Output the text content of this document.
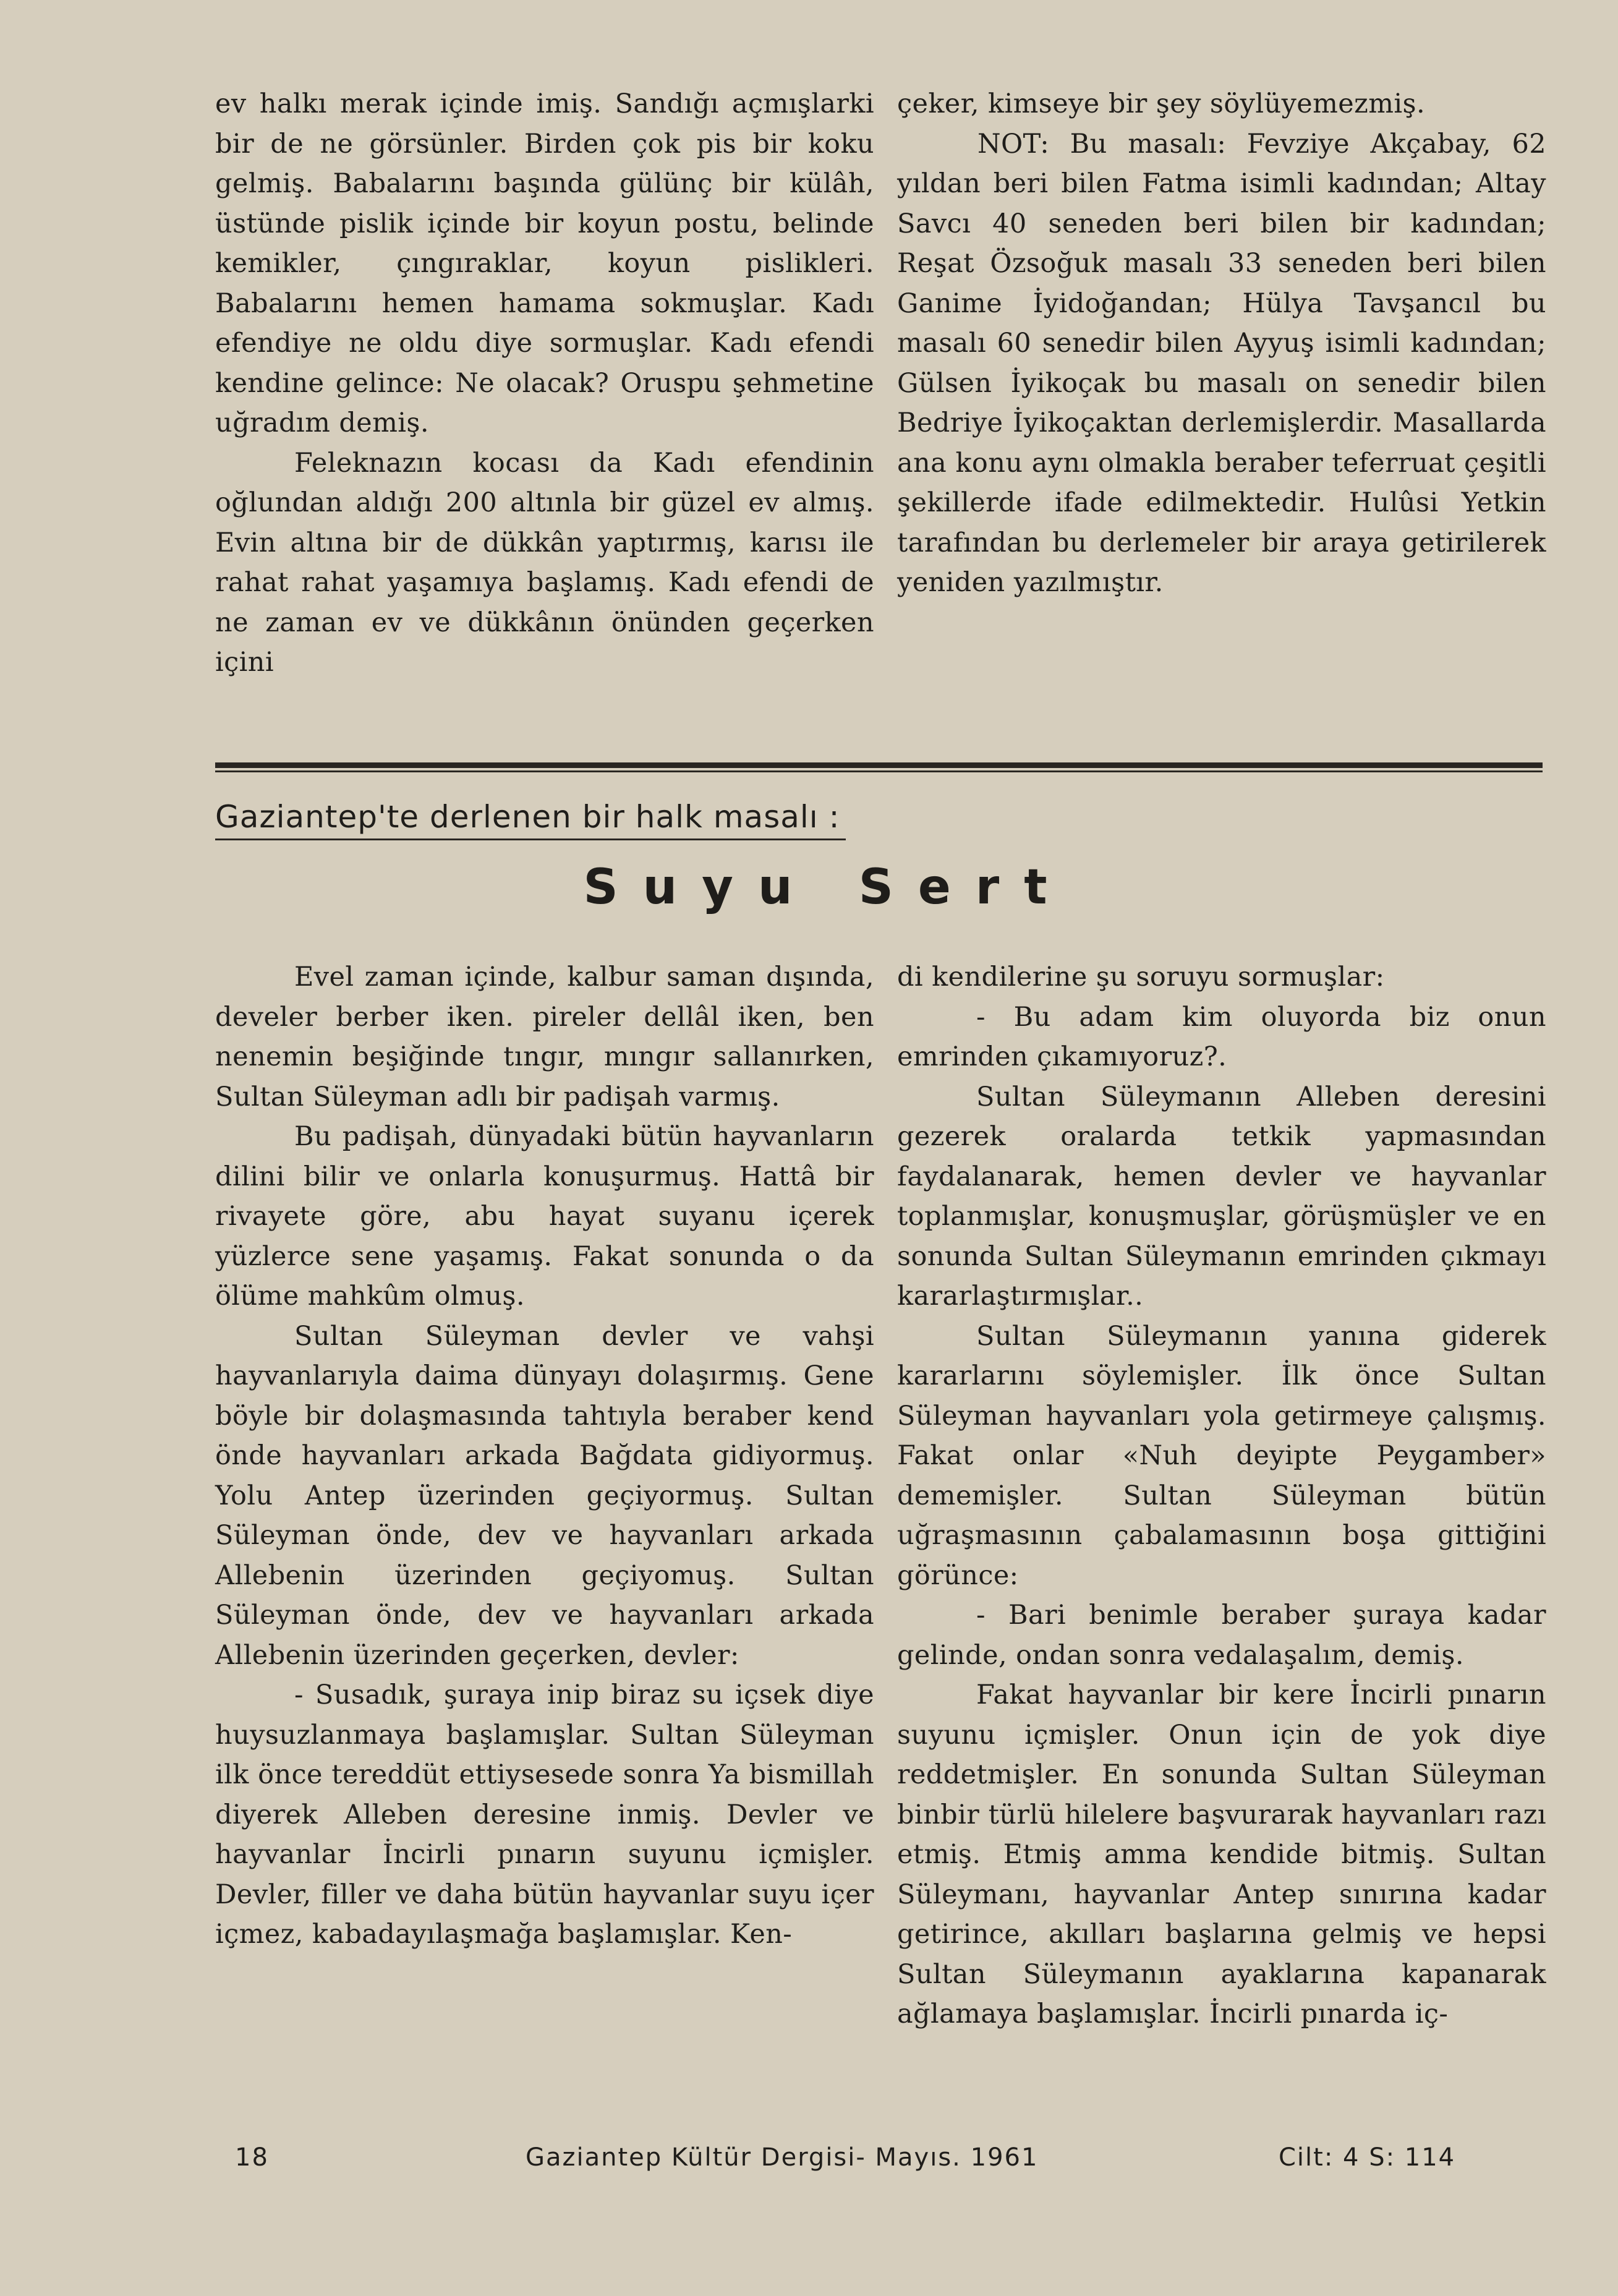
ev halkı merak içinde imiş. Sandığı açmışlarki bir de ne görsünler. Birden çok pis bir koku gelmiş. Babalarını başında gülünç bir külâh, üstünde pislik içinde bir koyun postu, belinde kemikler, çıngıraklar, koyun pislikleri. Babalarını hemen hamama sokmuşlar. Kadı efendiye ne oldu diye sormuşlar. Kadı efendi kendine gelince: Ne olacak? Oruspu şehmetine uğradım demiş.

Feleknazın kocası da Kadı efendinin oğlundan aldığı 200 altınla bir güzel ev almış. Evin altına bir de dükkân yaptırmış, karısı ile rahat rahat yaşamıya başlamış. Kadı efendi de ne zaman ev ve dükkânın önünden geçerken içini

çeker, kimseye bir şey söylüyemezmiş.

NOT: Bu masalı: Fevziye Akçabay, 62 yıldan beri bilen Fatma isimli kadından; Altay Savcı 40 seneden beri bilen bir kadından; Reşat Özsoğuk masalı 33 seneden beri bilen Ganime İyidoğandan; Hülya Tavşancıl bu masalı 60 senedir bilen Ayyuş isimli kadından; Gülsen İyikoçak bu masalı on senedir bilen Bedriye İyikoçaktan derlemişlerdir. Masallarda ana konu aynı olmakla beraber teferruat çeşitli şekillerde ifade edilmektedir. Hulûsi Yetkin tarafından bu derlemeler bir araya getirilerek yeniden yazılmıştır.

Gaziantep'te derlenen bir halk masalı :
Suyu Sert

Evel zaman içinde, kalbur saman dışında, develer berber iken. pireler dellâl iken, ben nenemin beşiğinde tıngır, mıngır sallanırken, Sultan Süleyman adlı bir padişah varmış.

Bu padişah, dünyadaki bütün hayvanların dilini bilir ve onlarla konuşurmuş. Hattâ bir rivayete göre, abu hayat suyanu içerek yüzlerce sene yaşamış. Fakat sonunda o da ölüme mahkûm olmuş.

Sultan Süleyman devler ve vahşi hayvanlarıyla daima dünyayı dolaşırmış. Gene böyle bir dolaşmasında tahtıyla beraber kend önde hayvanları arkada Bağdata gidiyormuş. Yolu Antep üzerinden geçiyormuş. Sultan Süleyman önde, dev ve hayvanları arkada Allebenin üzerinden geçiyomuş. Sultan Süleyman önde, dev ve hayvanları arkada Allebenin üzerinden geçerken, devler:

- Susadık, şuraya inip biraz su içsek diye huysuzlanmaya başlamışlar. Sultan Süleyman ilk önce tereddüt ettiysesede sonra Ya bismillah diyerek Alleben deresine inmiş. Devler ve hayvanlar İncirli pınarın suyunu içmişler. Devler, filler ve daha bütün hayvanlar suyu içer içmez, kabadayılaşmağa başlamışlar. Ken-

di kendilerine şu soruyu sormuşlar:

- Bu adam kim oluyorda biz onun emrinden çıkamıyoruz?.

Sultan Süleymanın Alleben deresini gezerek oralarda tetkik yapmasından faydalanarak, hemen devler ve hayvanlar toplanmışlar, konuşmuşlar, görüşmüşler ve en sonunda Sultan Süleymanın emrinden çıkmayı kararlaştırmışlar..

Sultan Süleymanın yanına giderek kararlarını söylemişler. İlk önce Sultan Süleyman hayvanları yola getirmeye çalışmış. Fakat onlar «Nuh deyipte Peygamber» dememişler. Sultan Süleyman bütün uğraşmasının çabalamasının boşa gittiğini görünce:

- Bari benimle beraber şuraya kadar gelinde, ondan sonra vedalaşalım, demiş.

Fakat hayvanlar bir kere İncirli pınarın suyunu içmişler. Onun için de yok diye reddetmişler. En sonunda Sultan Süleyman binbir türlü hilelere başvurarak hayvanları razı etmiş. Etmiş amma kendide bitmiş. Sultan Süleymanı, hayvanlar Antep sınırına kadar getirince, akılları başlarına gelmiş ve hepsi Sultan Süleymanın ayaklarına kapanarak ağlamaya başlamışlar. İncirli pınarda iç-

18	Gaziantep Kültür Dergisi- Mayıs. 1961	Cilt: 4 S: 114
